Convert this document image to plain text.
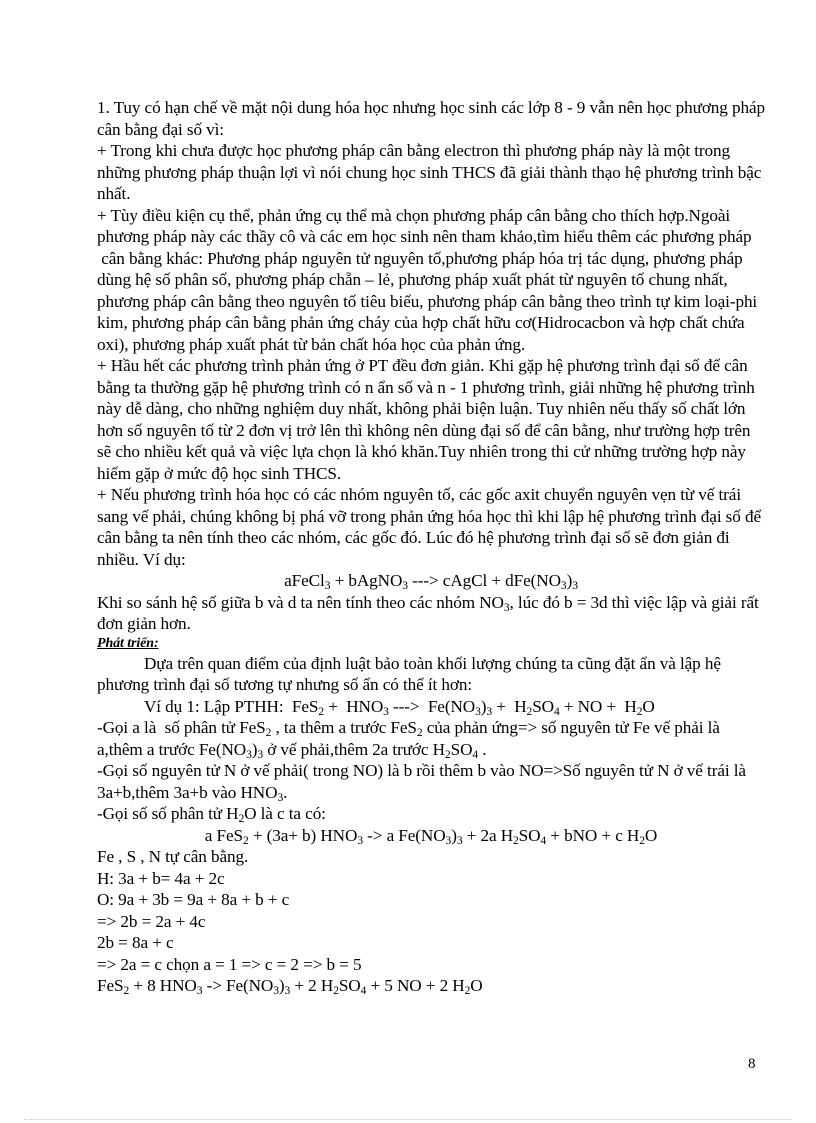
1. Tuy có hạn chế về mặt nội dung hóa học nhưng học sinh các lớp 8 - 9 vẫn nên học phương pháp cân bằng đại số vì:

+ Trong khi chưa được học phương pháp cân bằng electron thì phương pháp này là một trong những phương pháp thuận lợi vì nói chung học sinh THCS đã giải thành thạo hệ phương trình bậc nhất.

+ Tùy điều kiện cụ thể, phản ứng cụ thể mà chọn phương pháp cân bằng cho thích hợp.Ngoài phương pháp này các thầy cô và các em học sinh nên tham khảo,tìm hiểu thêm các phương pháp  cân bằng khác: Phương pháp nguyên tử nguyên tố,phương pháp hóa trị tác dụng, phương pháp dùng hệ số phân số, phương pháp chẵn – lẻ, phương pháp xuất phát từ nguyên tố chung nhất, phương pháp cân bằng theo nguyên tố tiêu biểu, phương pháp cân bằng theo trình tự kim loại-phi kim, phương pháp cân bằng phản ứng cháy của hợp chất hữu cơ(Hidrocacbon và hợp chất chứa oxi), phương pháp xuất phát từ bản chất hóa học của phản ứng.

+ Hầu hết các phương trình phản ứng ở PT đều đơn giản. Khi gặp hệ phương trình đại số để cân bằng ta thường gặp hệ phương trình có n ẩn số và n - 1 phương trình, giải những hệ phương trình này dễ dàng, cho những nghiệm duy nhất, không phải biện luận. Tuy nhiên nếu thấy số chất lớn hơn số nguyên tố từ 2 đơn vị trở lên thì không nên dùng đại số để cân bằng, như trường hợp trên sẽ cho nhiều kết quả và việc lựa chọn là khó khăn.Tuy nhiên trong thi cử những trường hợp này hiếm gặp ở mức độ học sinh THCS.

+ Nếu phương trình hóa học có các nhóm nguyên tố, các gốc axit chuyển nguyên vẹn từ vế trái sang vế phải, chúng không bị phá vỡ trong phản ứng hóa học thì khi lập hệ phương trình đại số để cân bằng ta nên tính theo các nhóm, các gốc đó. Lúc đó hệ phương trình đại số sẽ đơn giản đi nhiều. Ví dụ:

aFeCl$_3$ + bAgNO$_3$ ---> cAgCl + $dFe(NO_3)_3$

Khi so sánh hệ số giữa b và d ta nên tính theo các nhóm $NO_3$, lúc đó b = 3d thì việc lập và giải rất đơn giản hơn.

Phát triển:

Dựa trên quan điểm của định luật bảo toàn khối lượng chúng ta cũng đặt ẩn và lập hệ phương trình đại số tương tự nhưng số ẩn có thể ít hơn:

Ví dụ 1: Lập PTHH:  $FeS_2 + HNO_3$ --->  $Fe(NO_3)_3 + H_2SO_4$ + NO +  $H_2O$

-Gọi a là  số phân tử FeS$_2$ , ta thêm a trước FeS$_2$ của phản ứng=> số nguyên tử Fe vế phải là a,thêm a trước $Fe(NO_3)_3$ ở vế phải,thêm 2a trước $H_2SO_4$ .

-Gọi số nguyên tử N ở vế phải( trong NO) là b rồi thêm b vào NO=>Số nguyên tử N ở vế trái là 3a+b,thêm 3a+b vào $HNO_3$.

-Gọi số số phân tử $H_2O$ là c ta có:

a FeS$_2$ + (3a+ b) $HNO_3 -> a$ $Fe(NO_3)_3 + 2a$ $H_2SO_4$ + bNO + c $H_2O$

Fe , S , N tự cân bằng.

H: 3a + b= 4a + 2c

O: 9a + 3b = 9a + 8a + b + c

=> 2b = 2a + 4c

2b = 8a + c

=> 2a = c chọn a = 1 => c = 2 => b = 5

FeS$_2$ + 8 $HNO_3 -> Fe(NO_3)_3 + 2$ $H_2SO_4 + 5$ NO + 2 $H_2O$

8
